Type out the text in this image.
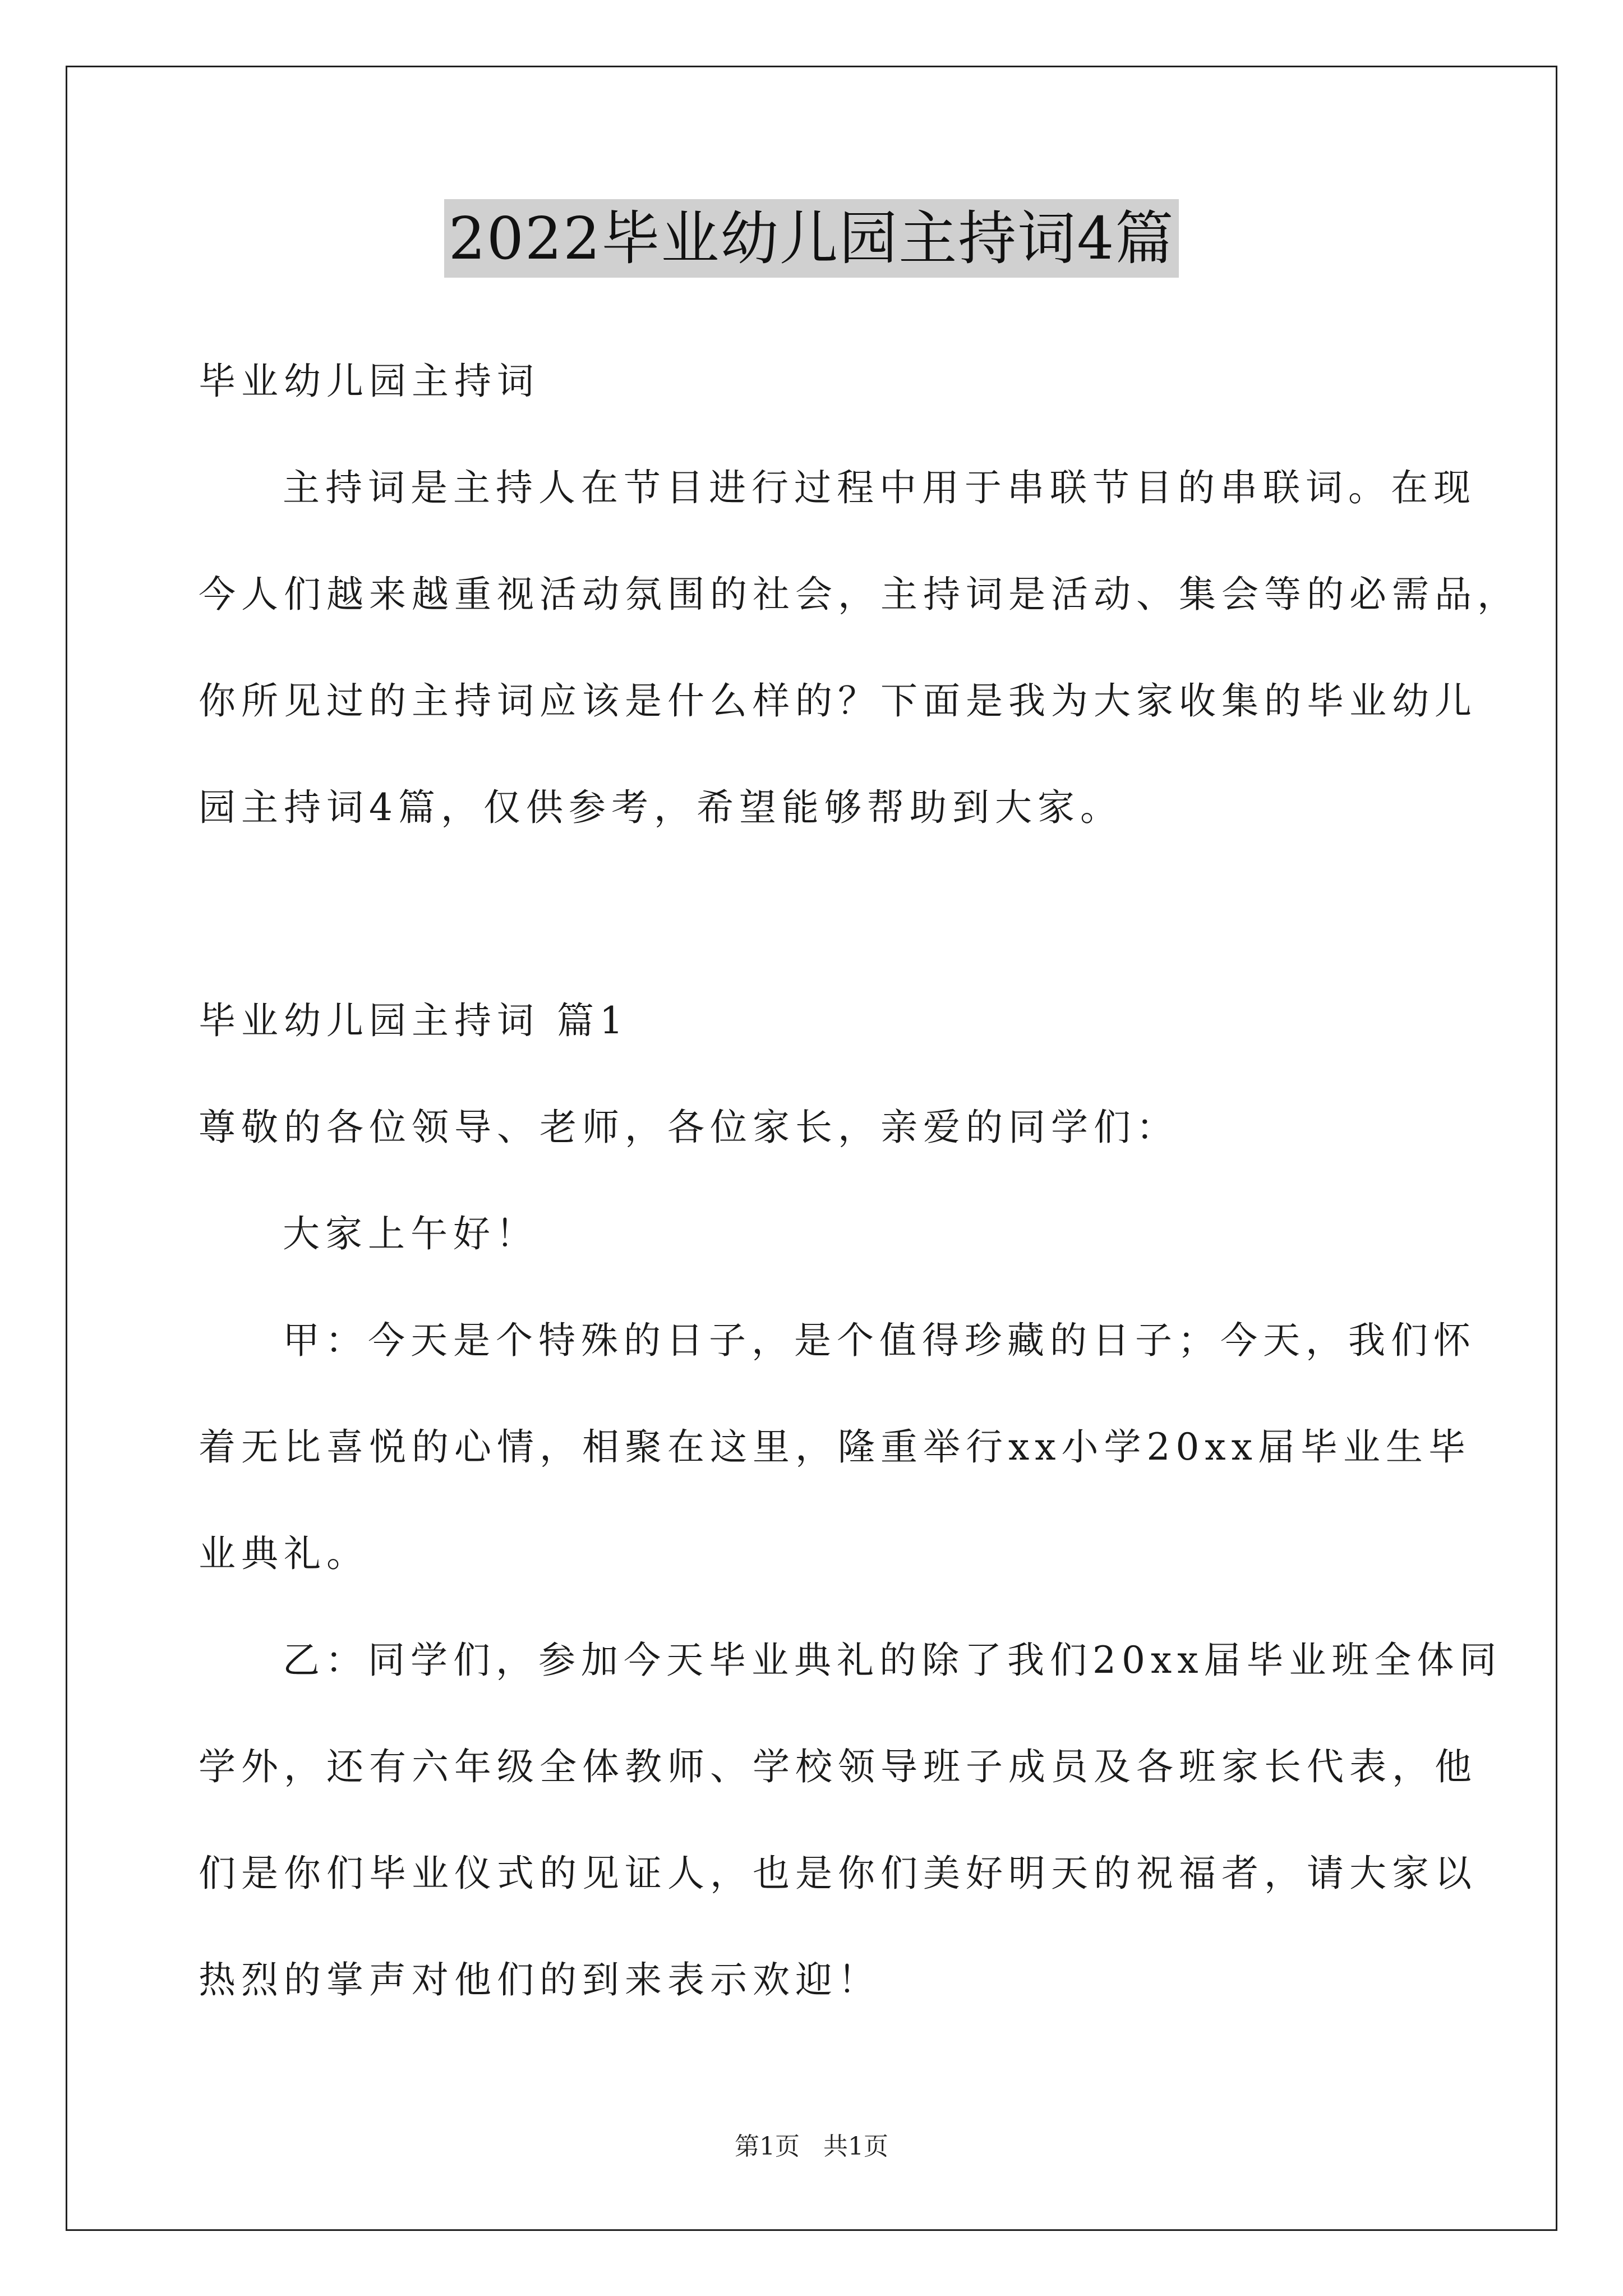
2022毕业幼儿园主持词4篇

毕业幼儿园主持词

主持词是主持人在节目进行过程中用于串联节目的串联词。在现
今人们越来越重视活动氛围的社会，主持词是活动、集会等的必需品，
你所见过的主持词应该是什么样的？下面是我为大家收集的毕业幼儿
园主持词4篇，仅供参考，希望能够帮助到大家。

毕业幼儿园主持词 篇1

尊敬的各位领导、老师，各位家长，亲爱的同学们：

大家上午好！

甲：今天是个特殊的日子，是个值得珍藏的日子；今天，我们怀
着无比喜悦的心情，相聚在这里，隆重举行xx小学20xx届毕业生毕
业典礼。
乙：同学们，参加今天毕业典礼的除了我们20xx届毕业班全体同
学外，还有六年级全体教师、学校领导班子成员及各班家长代表，他
们是你们毕业仪式的见证人，也是你们美好明天的祝福者，请大家以
热烈的掌声对他们的到来表示欢迎！
第1页 共1页
